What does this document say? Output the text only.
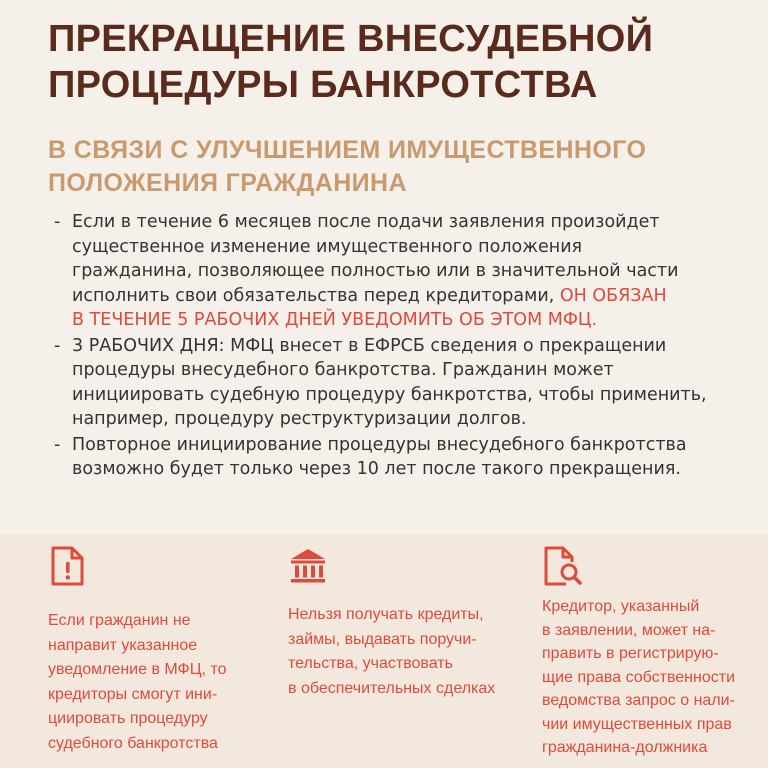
ПРЕКРАЩЕНИЕ ВНЕСУДЕБНОЙ
ПРОЦЕДУРЫ БАНКРОТСТВА
В СВЯЗИ С УЛУЧШЕНИЕМ ИМУЩЕСТВЕННОГО
ПОЛОЖЕНИЯ ГРАЖДАНИНА
- Если в течение 6 месяцев после подачи заявления произойдет
существенное изменение имущественного положения
гражданина, позволяющее полностью или в значительной части
исполнить свои обязательства перед кредиторами, ОН ОБЯЗАН
В ТЕЧЕНИЕ 5 РАБОЧИХ ДНЕЙ УВЕДОМИТЬ ОБ ЭТОМ МФЦ.
- 3 РАБОЧИХ ДНЯ: МФЦ внесет в ЕФРСБ сведения о прекращении
процедуры внесудебного банкротства. Гражданин может
инициировать судебную процедуру банкротства, чтобы применить,
например, процедуру реструктуризации долгов.
- Повторное инициирование процедуры внесудебного банкротства
возможно будет только через 10 лет после такого прекращения.
Если гражданин не
направит указанное
уведомление в МФЦ, то
кредиторы смогут ини-
циировать процедуру
судебного банкротства
Нельзя получать кредиты,
займы, выдавать поручи-
тельства, участвовать
в обеспечительных сделках
Кредитор, указанный
в заявлении, может на-
править в регистрирую-
щие права собственности
ведомства запрос о нали-
чии имущественных прав
гражданина-должника
